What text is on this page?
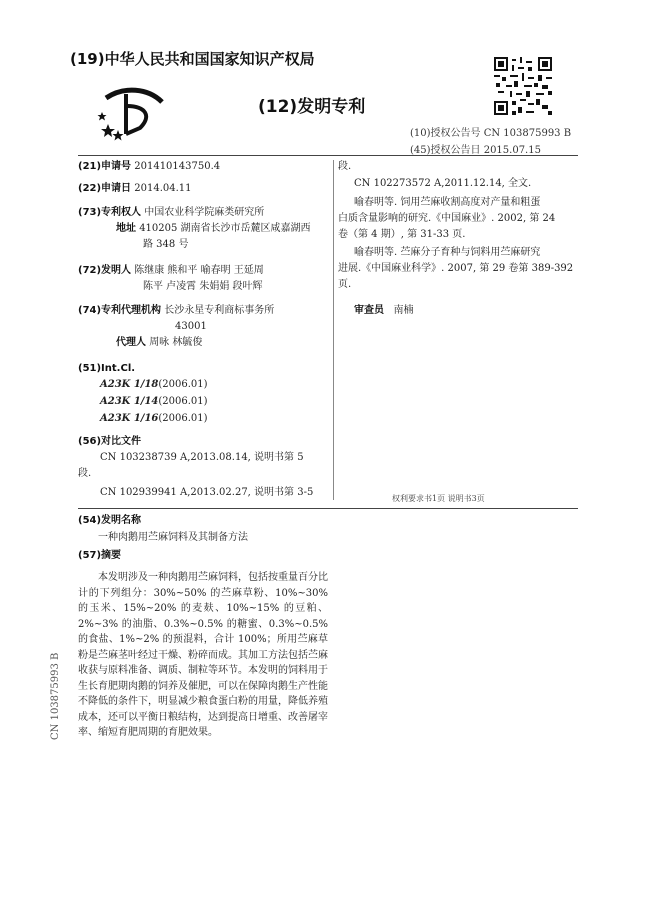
(19)中华人民共和国国家知识产权局
(12)发明专利
(10)授权公告号 CN 103875993 B
(45)授权公告日 2015.07.15
(21)申请号 201410143750.4
(22)申请日 2014.04.11
(73)专利权人 中国农业科学院麻类研究所
地址 410205 湖南省长沙市岳麓区咸嘉湖西
路 348 号
(72)发明人 陈继康 熊和平 喻春明 王延周
陈平 卢凌霄 朱娟娟 段叶辉
(74)专利代理机构 长沙永星专利商标事务所
43001
代理人 周咏 林毓俊
(51)Int.Cl.
A23K 1/18(2006.01)
A23K 1/14(2006.01)
A23K 1/16(2006.01)
(56)对比文件
CN 103238739 A,2013.08.14, 说明书第 5
段.
CN 102939941 A,2013.02.27, 说明书第 3-5
段.
CN 102273572 A,2011.12.14, 全文.
喻春明等. 饲用苎麻收割高度对产量和粗蛋
白质含量影响的研究.《中国麻业》. 2002, 第 24
卷（第 4 期）, 第 31-33 页.
喻春明等. 苎麻分子育种与饲料用苎麻研究
进展.《中国麻业科学》. 2007, 第 29 卷第 389-392
页.
审查员 南楠
权利要求书1页 说明书3页
(54)发明名称
一种肉鹅用苎麻饲料及其制备方法
(57)摘要
本发明涉及一种肉鹅用苎麻饲料，包括按重量百分比计的下列组分：30%~50% 的苎麻草粉、10%~30% 的玉米、15%~20% 的麦麸、10%~15% 的豆粕、2%~3% 的油脂、0.3%~0.5% 的糖蜜、0.3%~0.5% 的食盐、1%~2% 的预混料，合计 100%；所用苎麻草粉是苎麻茎叶经过干燥、粉碎而成。其加工方法包括苎麻收获与原料准备、调质、制粒等环节。本发明的饲料用于生长育肥期肉鹅的饲养及催肥，可以在保障肉鹅生产性能不降低的条件下，明显减少粮食蛋白粉的用量，降低养殖成本，还可以平衡日粮结构，达到提高日增重、改善屠宰率、缩短育肥周期的育肥效果。
CN 103875993 B
